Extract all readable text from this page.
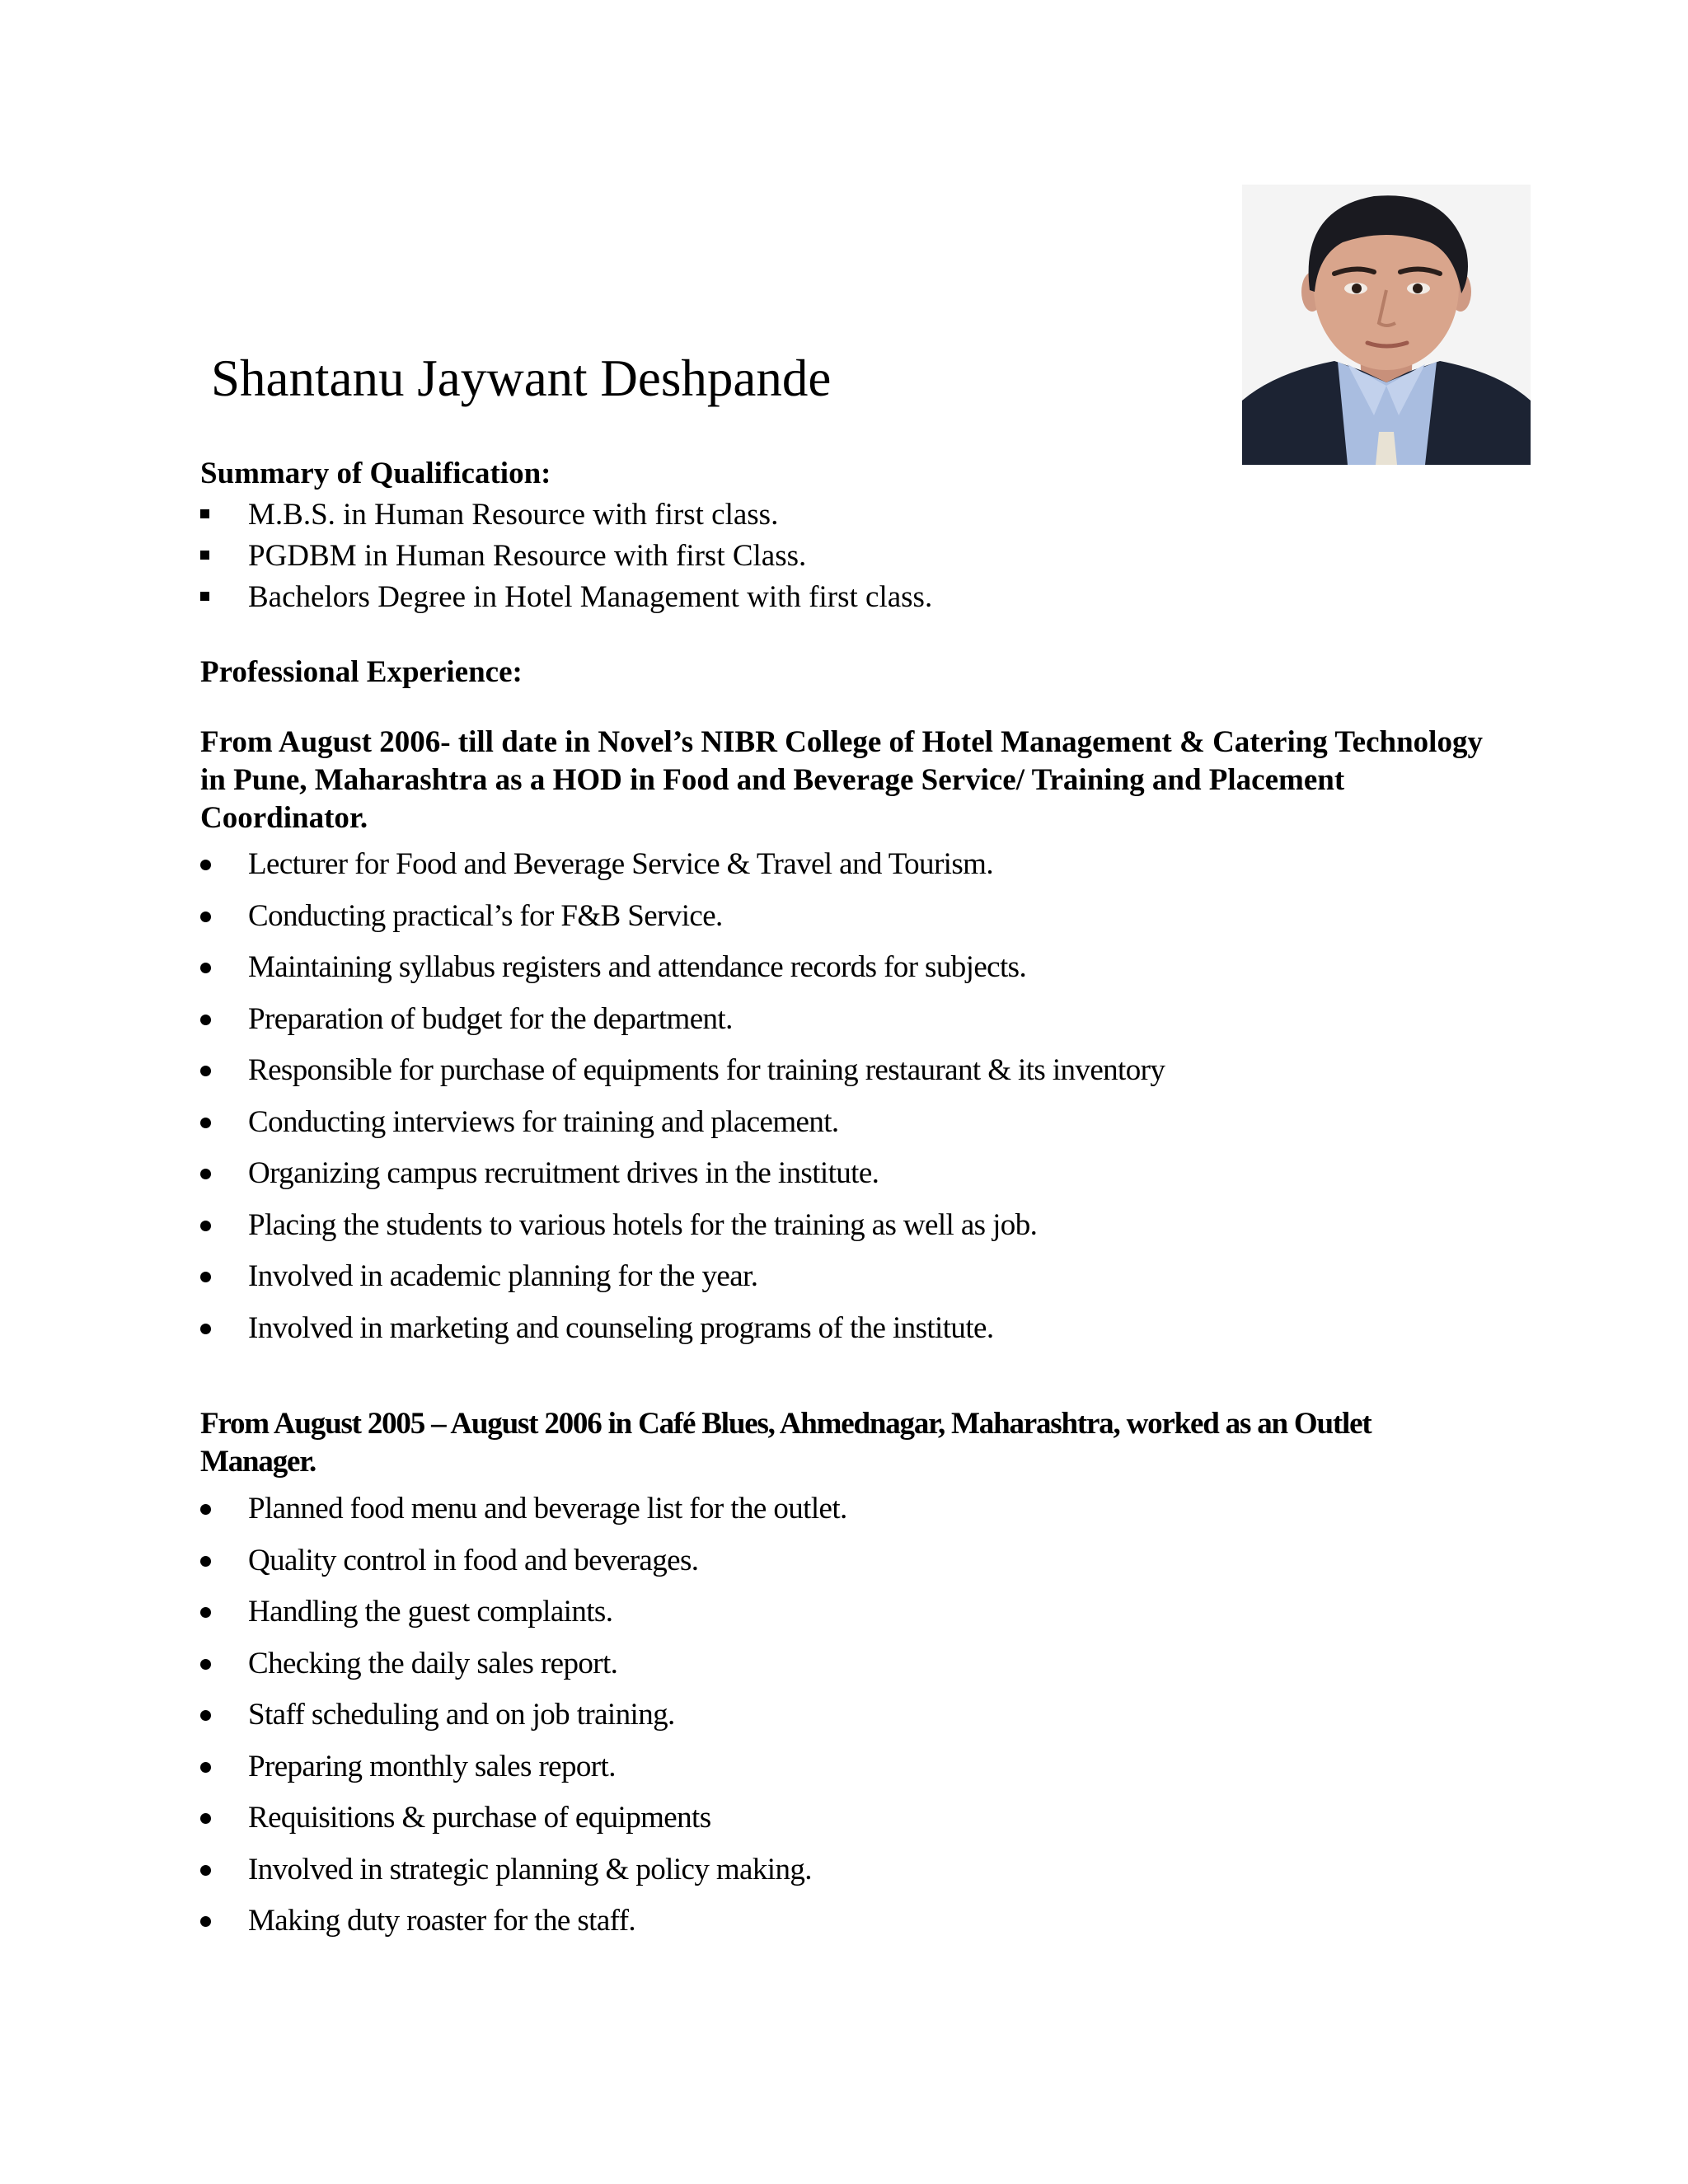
Shantanu Jaywant Deshpande
Summary of Qualification:
M.B.S. in Human Resource with first class.
PGDBM in Human Resource with first Class.
Bachelors Degree in Hotel Management with first class.
Professional Experience:
From August 2006- till date in Novel’s NIBR College of Hotel Management & Catering Technology in Pune, Maharashtra as a HOD in Food and Beverage Service/ Training and Placement Coordinator.
Lecturer for Food and Beverage Service & Travel and Tourism.
Conducting practical’s for F&B Service.
Maintaining syllabus registers and attendance records for subjects.
Preparation of budget for the department.
Responsible for purchase of equipments for training restaurant & its inventory
Conducting interviews for training and placement.
Organizing campus recruitment drives in the institute.
Placing the students to various hotels for the training as well as job.
Involved in academic planning for the year.
Involved in marketing and counseling programs of the institute.
From August 2005 – August 2006 in Café Blues, Ahmednagar, Maharashtra, worked as an Outlet Manager.
Planned food menu and beverage list for the outlet.
Quality control in food and beverages.
Handling the guest complaints.
Checking the daily sales report.
Staff scheduling and on job training.
Preparing monthly sales report.
Requisitions & purchase of equipments
Involved in strategic planning & policy making.
Making duty roaster for the staff.
